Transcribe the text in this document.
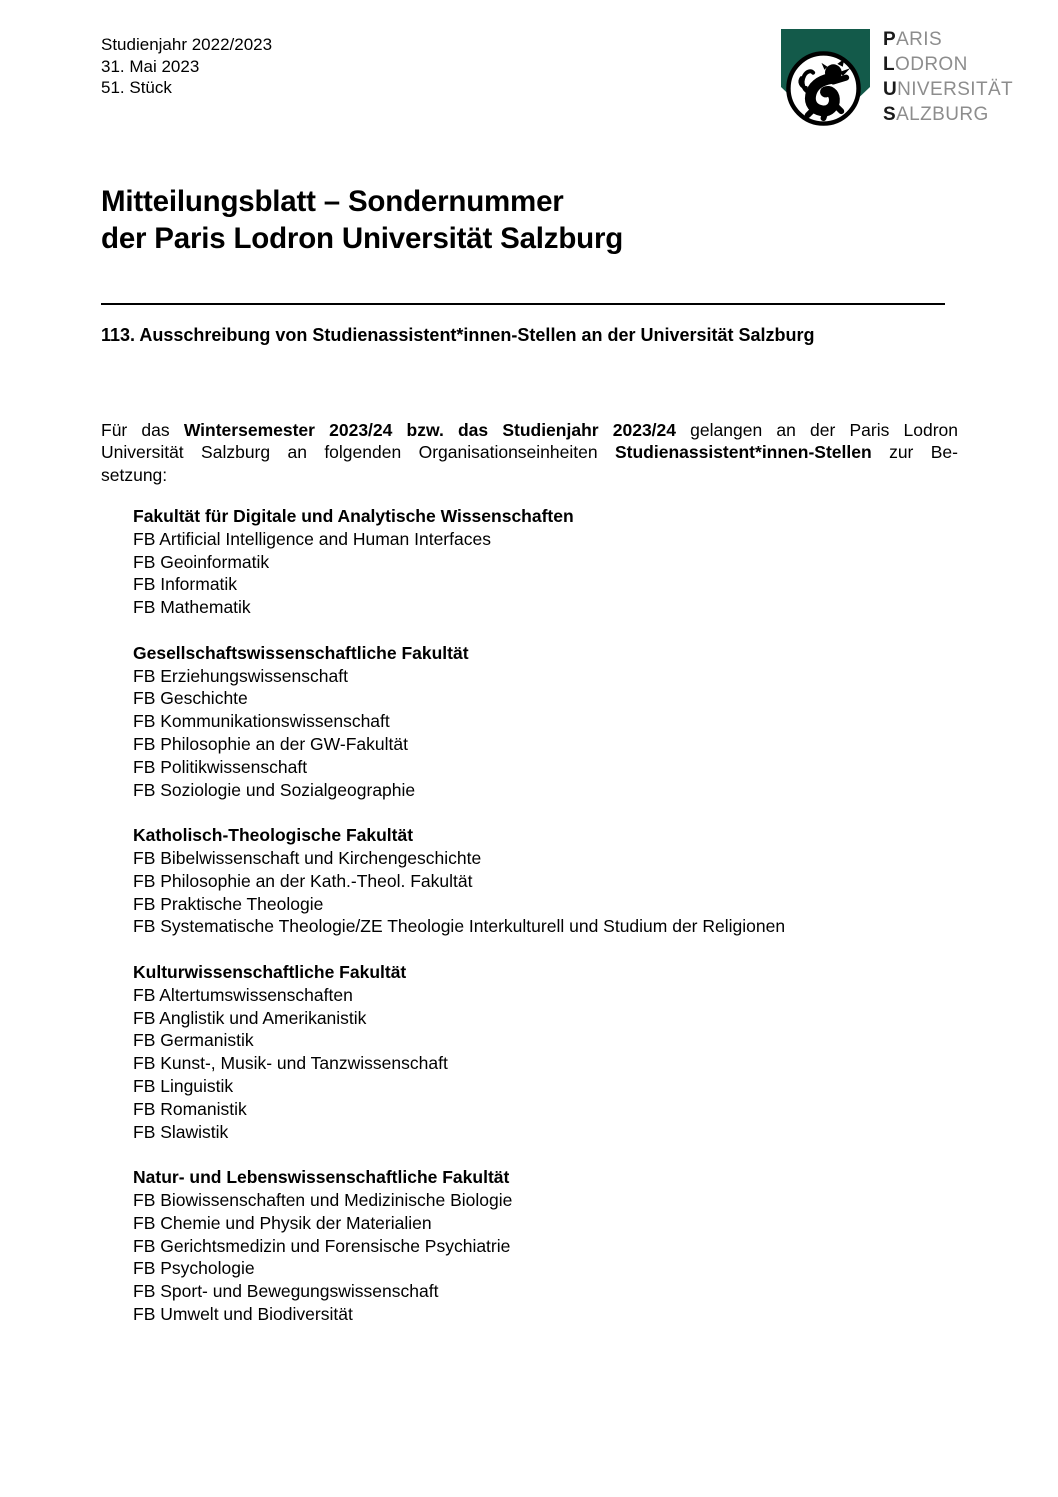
Studienjahr 2022/2023
31. Mai 2023
51. Stück
PARIS
LODRON
UNIVERSITÄT
SALZBURG
Mitteilungsblatt – Sondernummer
der Paris Lodron Universität Salzburg
113. Ausschreibung von Studienassistent*innen-Stellen an der Universität Salzburg
Für das Wintersemester 2023/24 bzw. das Studienjahr 2023/24 gelangen an der Paris Lodron
Universität Salzburg an folgenden Organisationseinheiten Studienassistent*innen-Stellen zur Be-
setzung:
Fakultät für Digitale und Analytische Wissenschaften
FB Artificial Intelligence and Human Interfaces
FB Geoinformatik
FB Informatik
FB Mathematik
Gesellschaftswissenschaftliche Fakultät
FB Erziehungswissenschaft
FB Geschichte
FB Kommunikationswissenschaft
FB Philosophie an der GW-Fakultät
FB Politikwissenschaft
FB Soziologie und Sozialgeographie
Katholisch-Theologische Fakultät
FB Bibelwissenschaft und Kirchengeschichte
FB Philosophie an der Kath.-Theol. Fakultät
FB Praktische Theologie
FB Systematische Theologie/ZE Theologie Interkulturell und Studium der Religionen
Kulturwissenschaftliche Fakultät
FB Altertumswissenschaften
FB Anglistik und Amerikanistik
FB Germanistik
FB Kunst-, Musik- und Tanzwissenschaft
FB Linguistik
FB Romanistik
FB Slawistik
Natur- und Lebenswissenschaftliche Fakultät
FB Biowissenschaften und Medizinische Biologie
FB Chemie und Physik der Materialien
FB Gerichtsmedizin und Forensische Psychiatrie
FB Psychologie
FB Sport- und Bewegungswissenschaft
FB Umwelt und Biodiversität
